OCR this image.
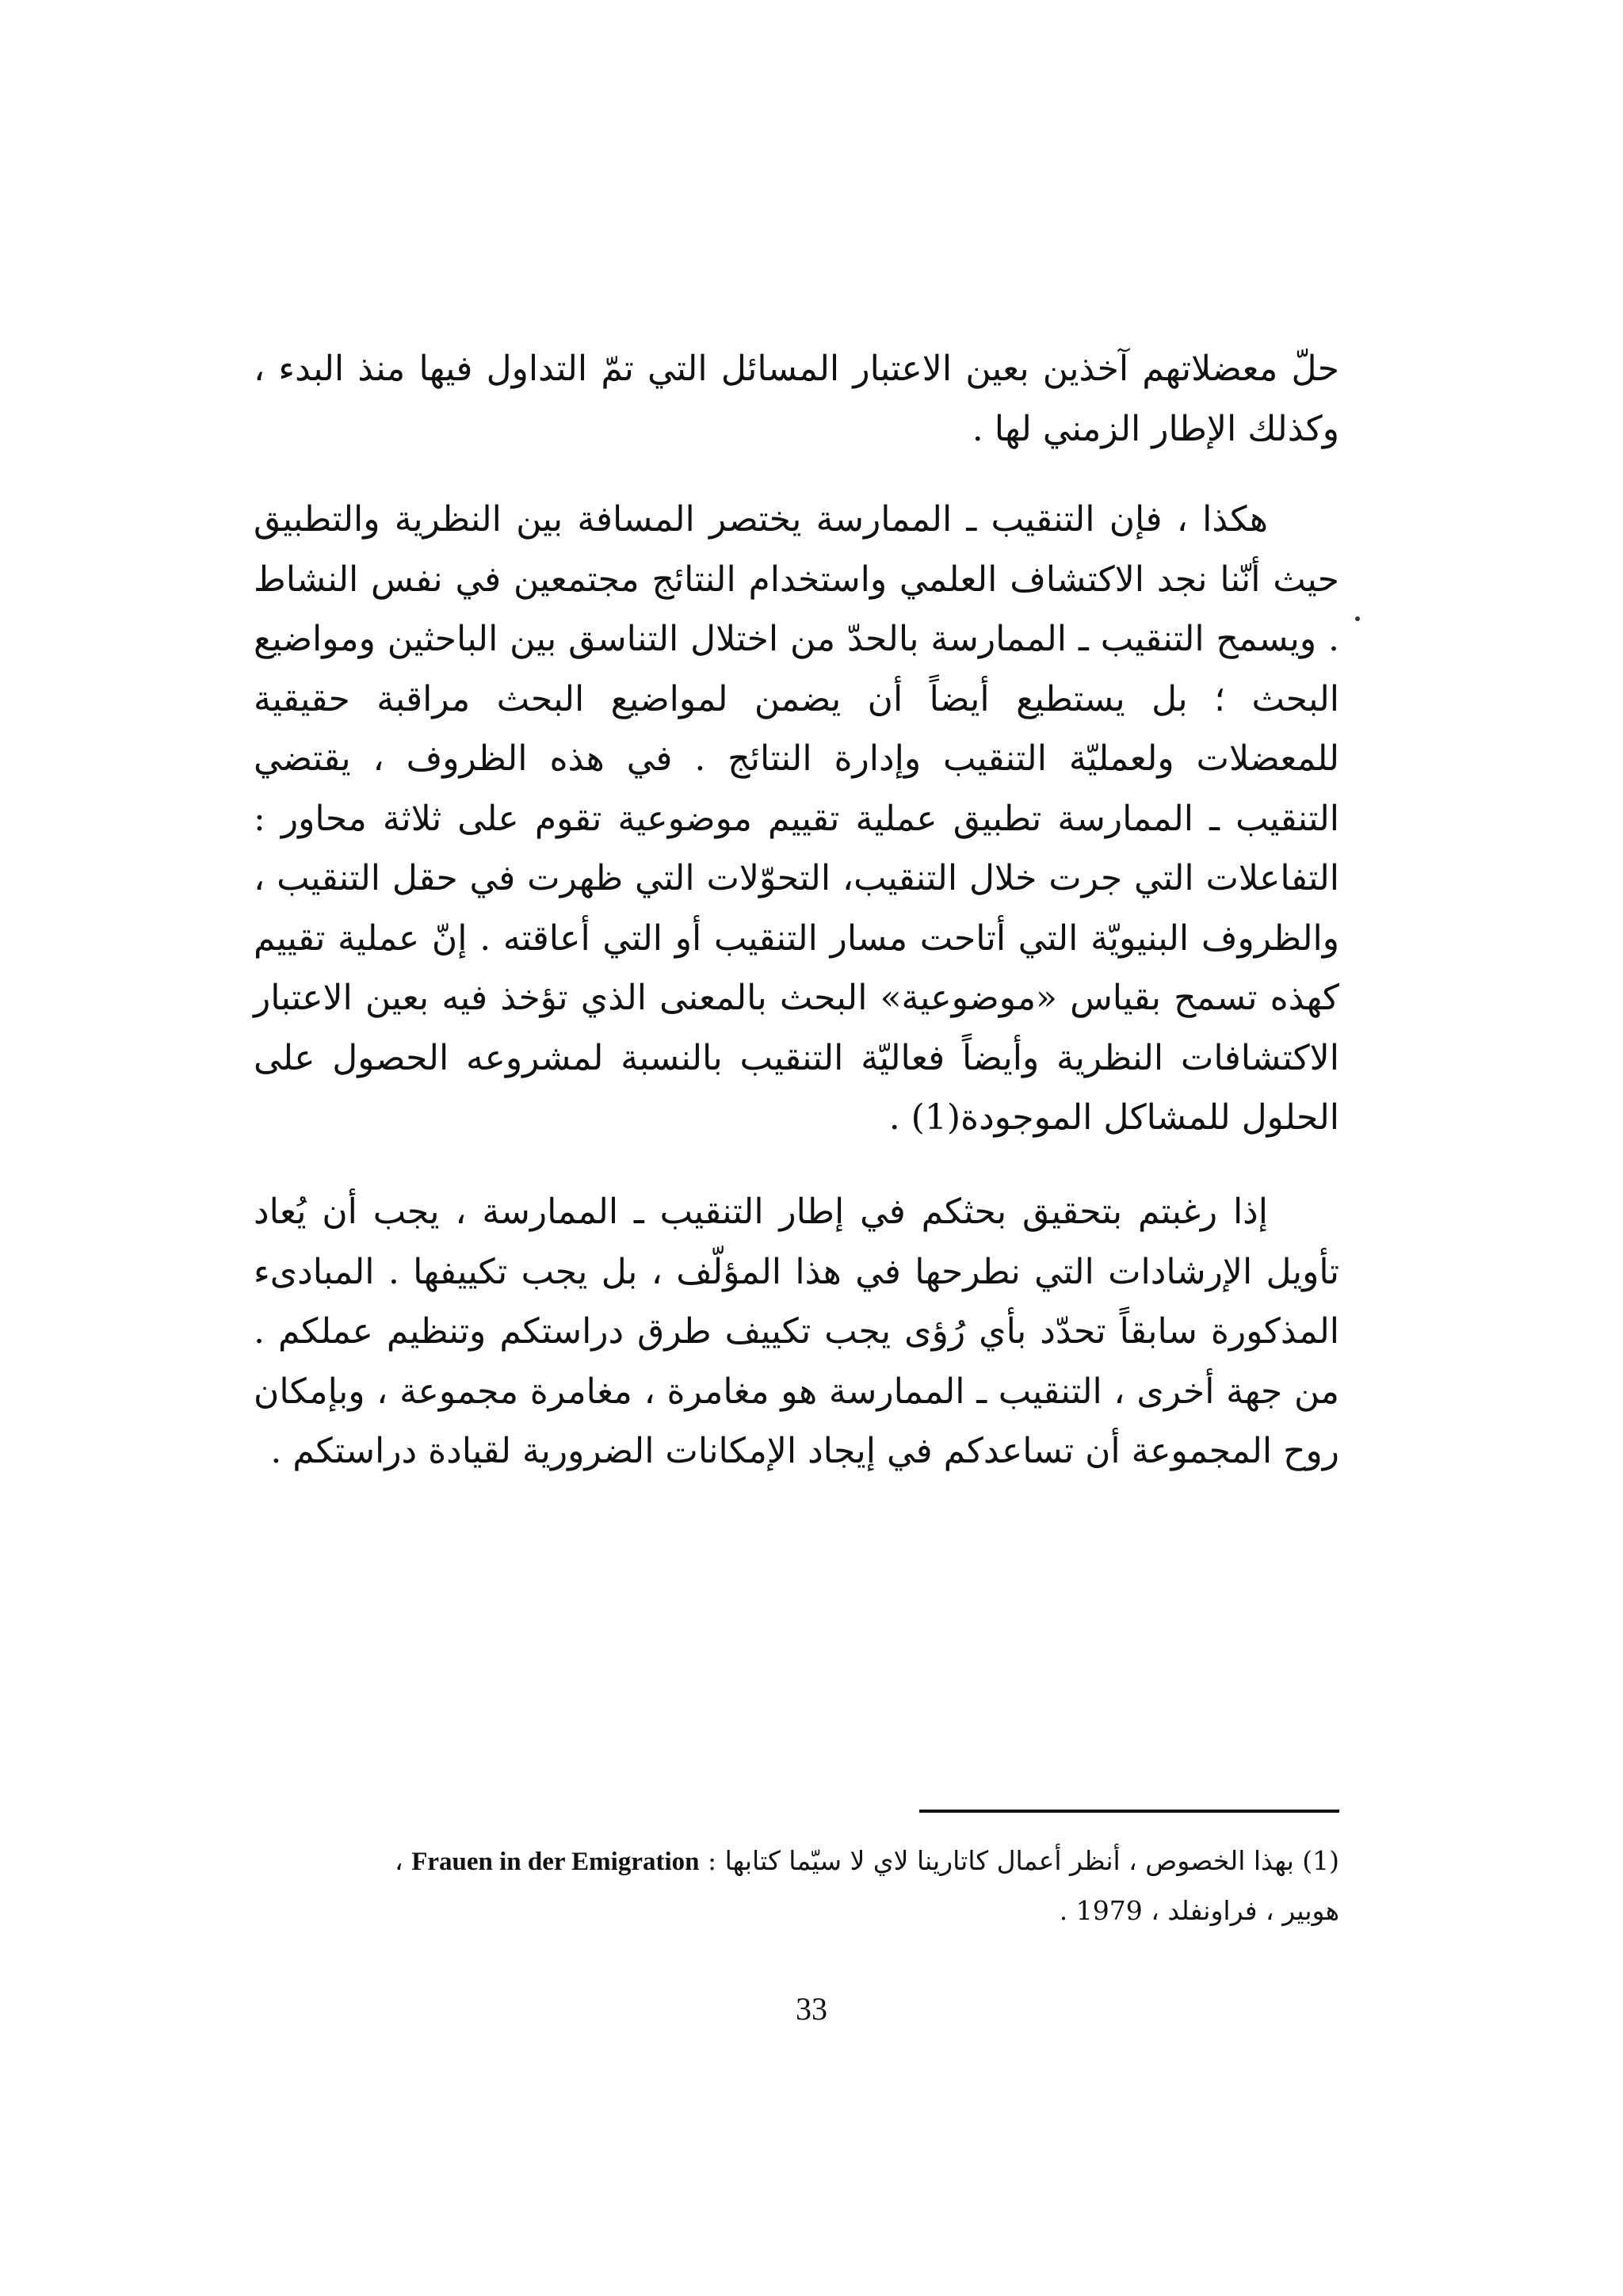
حلّ معضلاتهم آخذين بعين الاعتبار المسائل التي تمّ التداول فيها منذ البدء ، وكذلك الإطار الزمني لها .

هكذا ، فإن التنقيب ـ الممارسة يختصر المسافة بين النظرية والتطبيق حيث أنّنا نجد الاكتشاف العلمي واستخدام النتائج مجتمعين في نفس النشاط . ويسمح التنقيب ـ الممارسة بالحدّ من اختلال التناسق بين الباحثين ومواضيع البحث ؛ بل يستطيع أيضاً أن يضمن لمواضيع البحث مراقبة حقيقية للمعضلات ولعمليّة التنقيب وإدارة النتائج . في هذه الظروف ، يقتضي التنقيب ـ الممارسة تطبيق عملية تقييم موضوعية تقوم على ثلاثة محاور : التفاعلات التي جرت خلال التنقيب، التحوّلات التي ظهرت في حقل التنقيب ، والظروف البنيويّة التي أتاحت مسار التنقيب أو التي أعاقته . إنّ عملية تقييم كهذه تسمح بقياس «موضوعية» البحث بالمعنى الذي تؤخذ فيه بعين الاعتبار الاكتشافات النظرية وأيضاً فعاليّة التنقيب بالنسبة لمشروعه الحصول على الحلول للمشاكل الموجودة(1) .

إذا رغبتم بتحقيق بحثكم في إطار التنقيب ـ الممارسة ، يجب أن يُعاد تأويل الإرشادات التي نطرحها في هذا المؤلّف ، بل يجب تكييفها . المبادىء المذكورة سابقاً تحدّد بأي رُؤى يجب تكييف طرق دراستكم وتنظيم عملكم . من جهة أخرى ، التنقيب ـ الممارسة هو مغامرة ، مغامرة مجموعة ، وبإمكان روح المجموعة أن تساعدكم في إيجاد الإمكانات الضرورية لقيادة دراستكم .

(1) بهذا الخصوص ، أنظر أعمال كاتارينا لاي لا سيّما كتابها : Frauen in der Emigration ،

هوبير ، فراونفلد ، 1979 .

33
